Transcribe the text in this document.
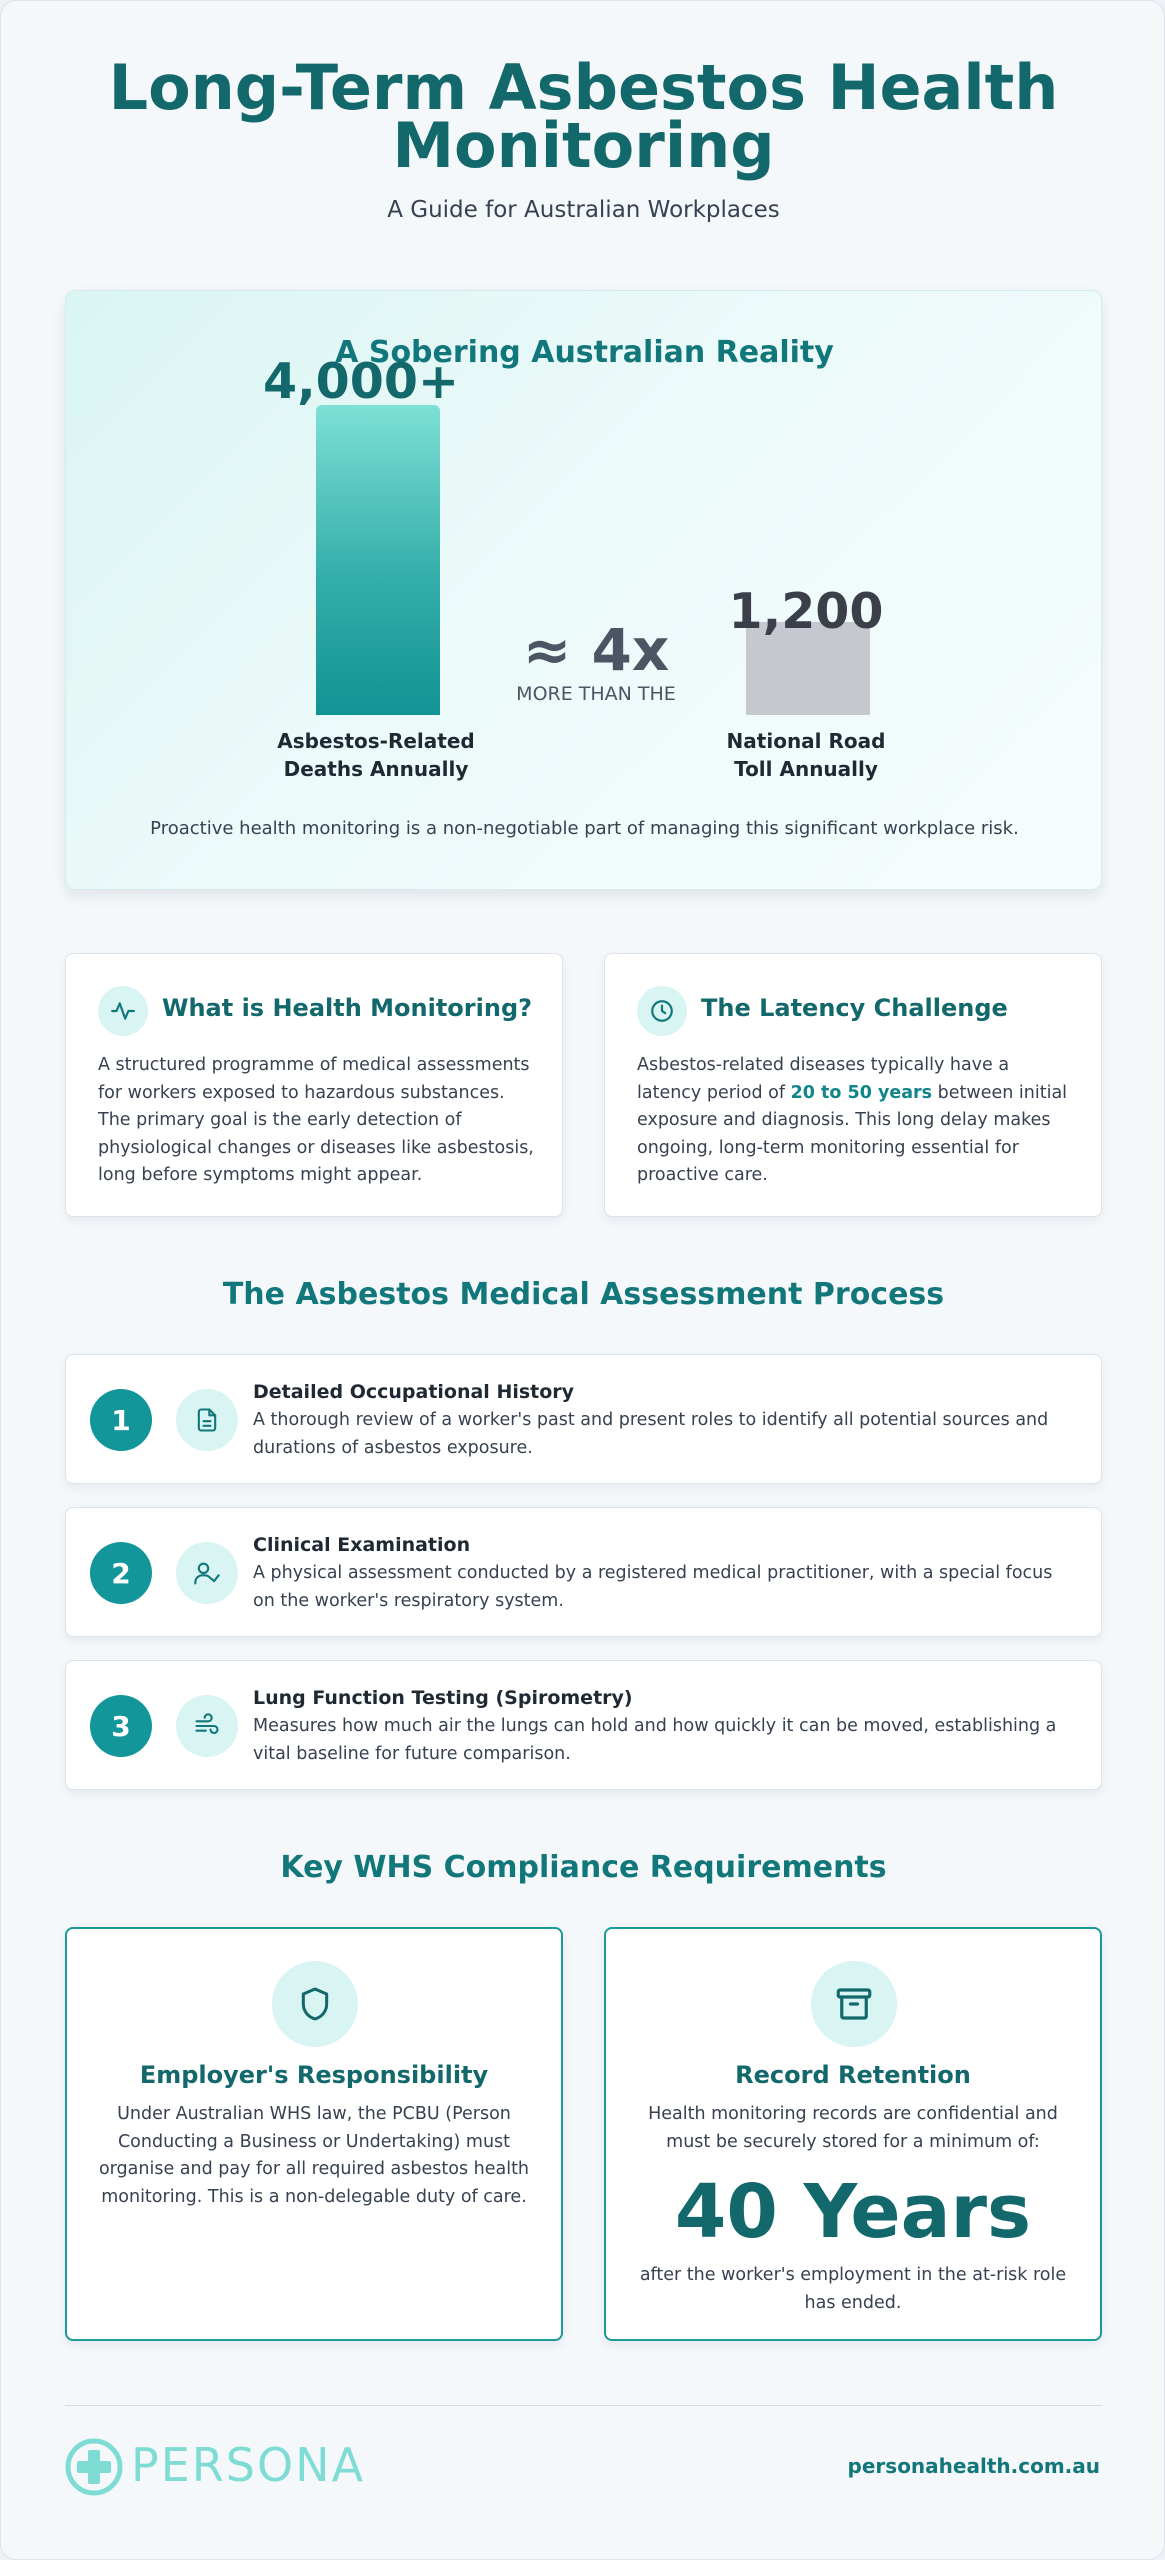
Long-Term Asbestos Health
Monitoring
A Guide for Australian Workplaces
A Sobering Australian Reality
4,000+
Asbestos-Related
Deaths Annually
≈ 4x
MORE THAN THE
1,200
National Road
Toll Annually
Proactive health monitoring is a non-negotiable part of managing this significant workplace risk.
What is Health Monitoring?

A structured programme of medical assessments for workers exposed to hazardous substances. The primary goal is the early detection of physiological changes or diseases like asbestosis, long before symptoms might appear.

The Latency Challenge

Asbestos-related diseases typically have a latency period of 20 to 50 years between initial exposure and diagnosis. This long delay makes ongoing, long-term monitoring essential for proactive care.

The Asbestos Medical Assessment Process
1
Detailed Occupational History

A thorough review of a worker's past and present roles to identify all potential sources and durations of asbestos exposure.

2
Clinical Examination

A physical assessment conducted by a registered medical practitioner, with a special focus on the worker's respiratory system.

3
Lung Function Testing (Spirometry)

Measures how much air the lungs can hold and how quickly it can be moved, establishing a vital baseline for future comparison.

Key WHS Compliance Requirements
Employer's Responsibility

Under Australian WHS law, the PCBU (Person Conducting a Business or Undertaking) must organise and pay for all required asbestos health monitoring. This is a non-delegable duty of care.

Record Retention

Health monitoring records are confidential and must be securely stored for a minimum of:

40 Years

after the worker's employment in the at-risk role has ended.

PERSONA	personahealth.com.au
